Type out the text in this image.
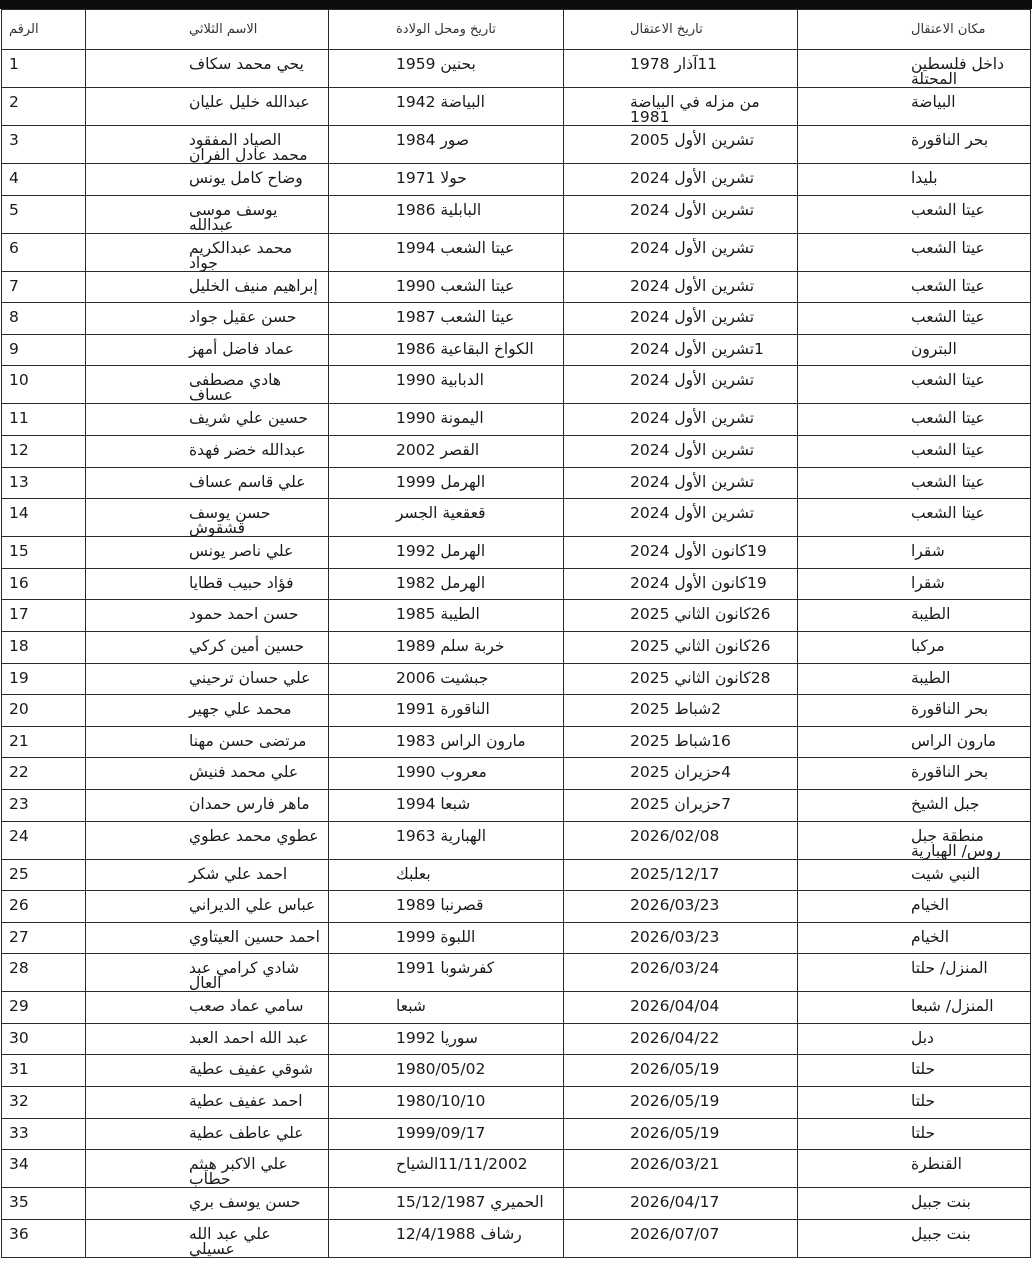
الرقم	الاسم الثلاثي	تاريخ ومحل الولادة	تاريخ الاعتقال	مكان الاعتقال

1	يحي محمد سكاف	بحنين 1959	11آذار 1978	داخل فلسطين المحتلة

2	عبدالله خليل عليان	البياضة 1942	من مزله في البياضة 1981	البياضة

3	الصياد المفقود محمد عادل الفران	صور 1984	تشرين الأول 2005	بحر الناقورة

4	وضاح كامل يونس	حولا 1971	تشرين الأول 2024	بليدا

5	يوسف موسى عبدالله	البابلية 1986	تشرين الأول 2024	عيتا الشعب

6	محمد عبدالكريم جواد	عيتا الشعب 1994	تشرين الأول 2024	عيتا الشعب

7	إبراهيم منيف الخليل	عيتا الشعب 1990	تشرين الأول 2024	عيتا الشعب

8	حسن عقيل جواد	عيتا الشعب 1987	تشرين الأول 2024	عيتا الشعب

9	عماد فاضل أمهز	الكواخ البقاعية 1986	1تشرين الأول 2024	البترون

10	هادي مصطفى عساف	الدبابية 1990	تشرين الأول 2024	عيتا الشعب

11	حسين علي شريف	اليمونة 1990	تشرين الأول 2024	عيتا الشعب

12	عبدالله خضر فهدة	القصر 2002	تشرين الأول 2024	عيتا الشعب

13	علي قاسم عساف	الهرمل 1999	تشرين الأول 2024	عيتا الشعب

14	حسن يوسف قشقوش	قعقعية الجسر	تشرين الأول 2024	عيتا الشعب

15	علي ناصر يونس	الهرمل 1992	19كانون الأول 2024	شقرا

16	فؤاد حبيب قطايا	الهرمل 1982	19كانون الأول 2024	شقرا

17	حسن احمد حمود	الطيبة 1985	26كانون الثاني 2025	الطيبة

18	حسين أمين كركي	خربة سلم 1989	26كانون الثاني 2025	مركبا

19	علي حسان ترحيني	جبشيت 2006	28كانون الثاني 2025	الطيبة

20	محمد علي جهير	الناقورة 1991	2شباط 2025	بحر الناقورة

21	مرتضى حسن مهنا	مارون الراس 1983	16شباط 2025	مارون الراس

22	علي محمد فنيش	معروب 1990	4حزيران 2025	بحر الناقورة

23	ماهر فارس حمدان	شبعا 1994	7حزيران 2025	جبل الشيخ

24	عطوي محمد عطوي	الهبارية 1963	2026/02/08	منطقة جبل روس/ الهبارية

25	احمد علي شكر	بعلبك	2025/12/17	النبي شيت

26	عباس علي الديراني	قصرنبا 1989	2026/03/23	الخيام

27	احمد حسين العيتاوي	اللبوة 1999	2026/03/23	الخيام

28	شادي كرامي عبد العال	كفرشوبا 1991	2026/03/24	المنزل/ حلتا

29	سامي عماد صعب	شبعا	2026/04/04	المنزل/ شبعا

30	عبد الله احمد العبد	سوريا 1992	2026/04/22	دبل

31	شوقي عفيف عطية	1980/05/02	2026/05/19	حلتا

32	احمد عفيف عطية	1980/10/10	2026/05/19	حلتا

33	علي عاطف عطية	1999/09/17	2026/05/19	حلتا

34	علي الاكبر هيثم حطاب	11/11/2002الشياح	2026/03/21	القنطرة

35	حسن يوسف بري	الحميري 15/12/1987	2026/04/17	بنت جبيل

36	علي عبد الله عسيلي	رشاف 12/4/1988	2026/07/07	بنت جبيل
